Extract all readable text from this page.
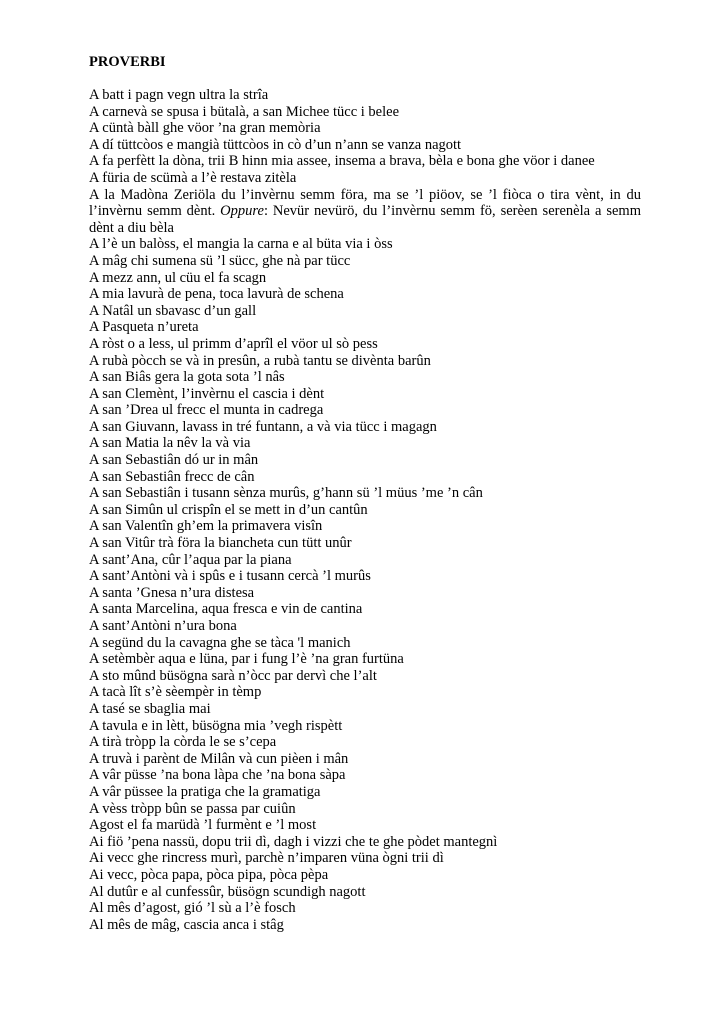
PROVERBI

A batt i pagn vegn ultra la strîa

A carnevà se spusa i bütalà, a san Michee tücc i belee

A cüntà bàll ghe vöor ’na gran memòria

A dí tüttcòos e mangià tüttcòos in cò d’un n’ann se vanza nagott

A fa perfètt la dòna, trii B hinn mia assee, insema a brava, bèla e bona ghe vöor i danee

A füria de scümà a l’è restava zitèla

A la Madòna Zeriöla du l’invèrnu semm föra, ma se ’l piöov, se ’l fiòca o tira vènt, in du l’invèrnu semm dènt. Oppure: Nevür nevürö, du l’invèrnu semm fö, serèen serenèla a semm dènt a diu bèla

A l’è un balòss, el mangia la carna e al büta via i òss

A mâg chi sumena sü ’l sücc, ghe nà par tücc

A mezz ann, ul cüu el fa scagn

A mia lavurà de pena, toca lavurà de schena

A Natâl un sbavasc d’un gall

A Pasqueta n’ureta

A ròst o a less, ul primm d’aprîl el vöor ul sò pess

A rubà pòcch se và in presûn, a rubà tantu se divènta barûn

A san Biâs gera la gota sota ’l nâs

A san Clemènt, l’invèrnu el cascia i dènt

A san ’Drea ul frecc el munta in cadrega

A san Giuvann, lavass in tré funtann, a và via tücc i magagn

A san Matia la nêv la và via

A san Sebastiân dó ur in mân

A san Sebastiân frecc de cân

A san Sebastiân i tusann sènza murûs, g’hann sü ’l müus ’me ’n cân

A san Simûn ul crispîn el se mett in d’un cantûn

A san Valentîn gh’em la primavera visîn

A san Vitûr trà föra la biancheta cun tütt unûr

A sant’Ana, cûr l’aqua par la piana

A sant’Antòni và i spûs e i tusann cercà ’l murûs

A santa ’Gnesa n’ura distesa

A santa Marcelina, aqua fresca e vin de cantina

A sant’Antòni n’ura bona

A segünd du la cavagna ghe se tàca 'l manich

A setèmbèr aqua e lüna, par i fung l’è ’na gran furtüna

A sto mûnd büsögna sarà n’òcc par dervì che l’alt

A tacà lît s’è sèempèr in tèmp

A tasé se sbaglia mai

A tavula e in lètt, büsögna mia ’vegh rispètt

A tirà tròpp la còrda le se s’cepa

A truvà i parènt de Milân và cun pièen i mân

A vâr püsse ’na bona làpa che ’na bona sàpa

A vâr püssee la pratiga che la gramatiga

A vèss tròpp bûn se passa par cuiûn

Agost el fa marüdà ’l furmènt e ’l most

Ai fiö ’pena nassü, dopu trii dì, dagh i vizzi che te ghe pòdet mantegnì

Ai vecc ghe rincress murì, parchè n’imparen vüna ògni trii dì

Ai vecc, pòca papa, pòca pipa, pòca pèpa

Al dutûr e al cunfessûr, büsögn scundigh nagott

Al mês d’agost, gió ’l sù a l’è fosch

Al mês de mâg, cascia anca i stâg
